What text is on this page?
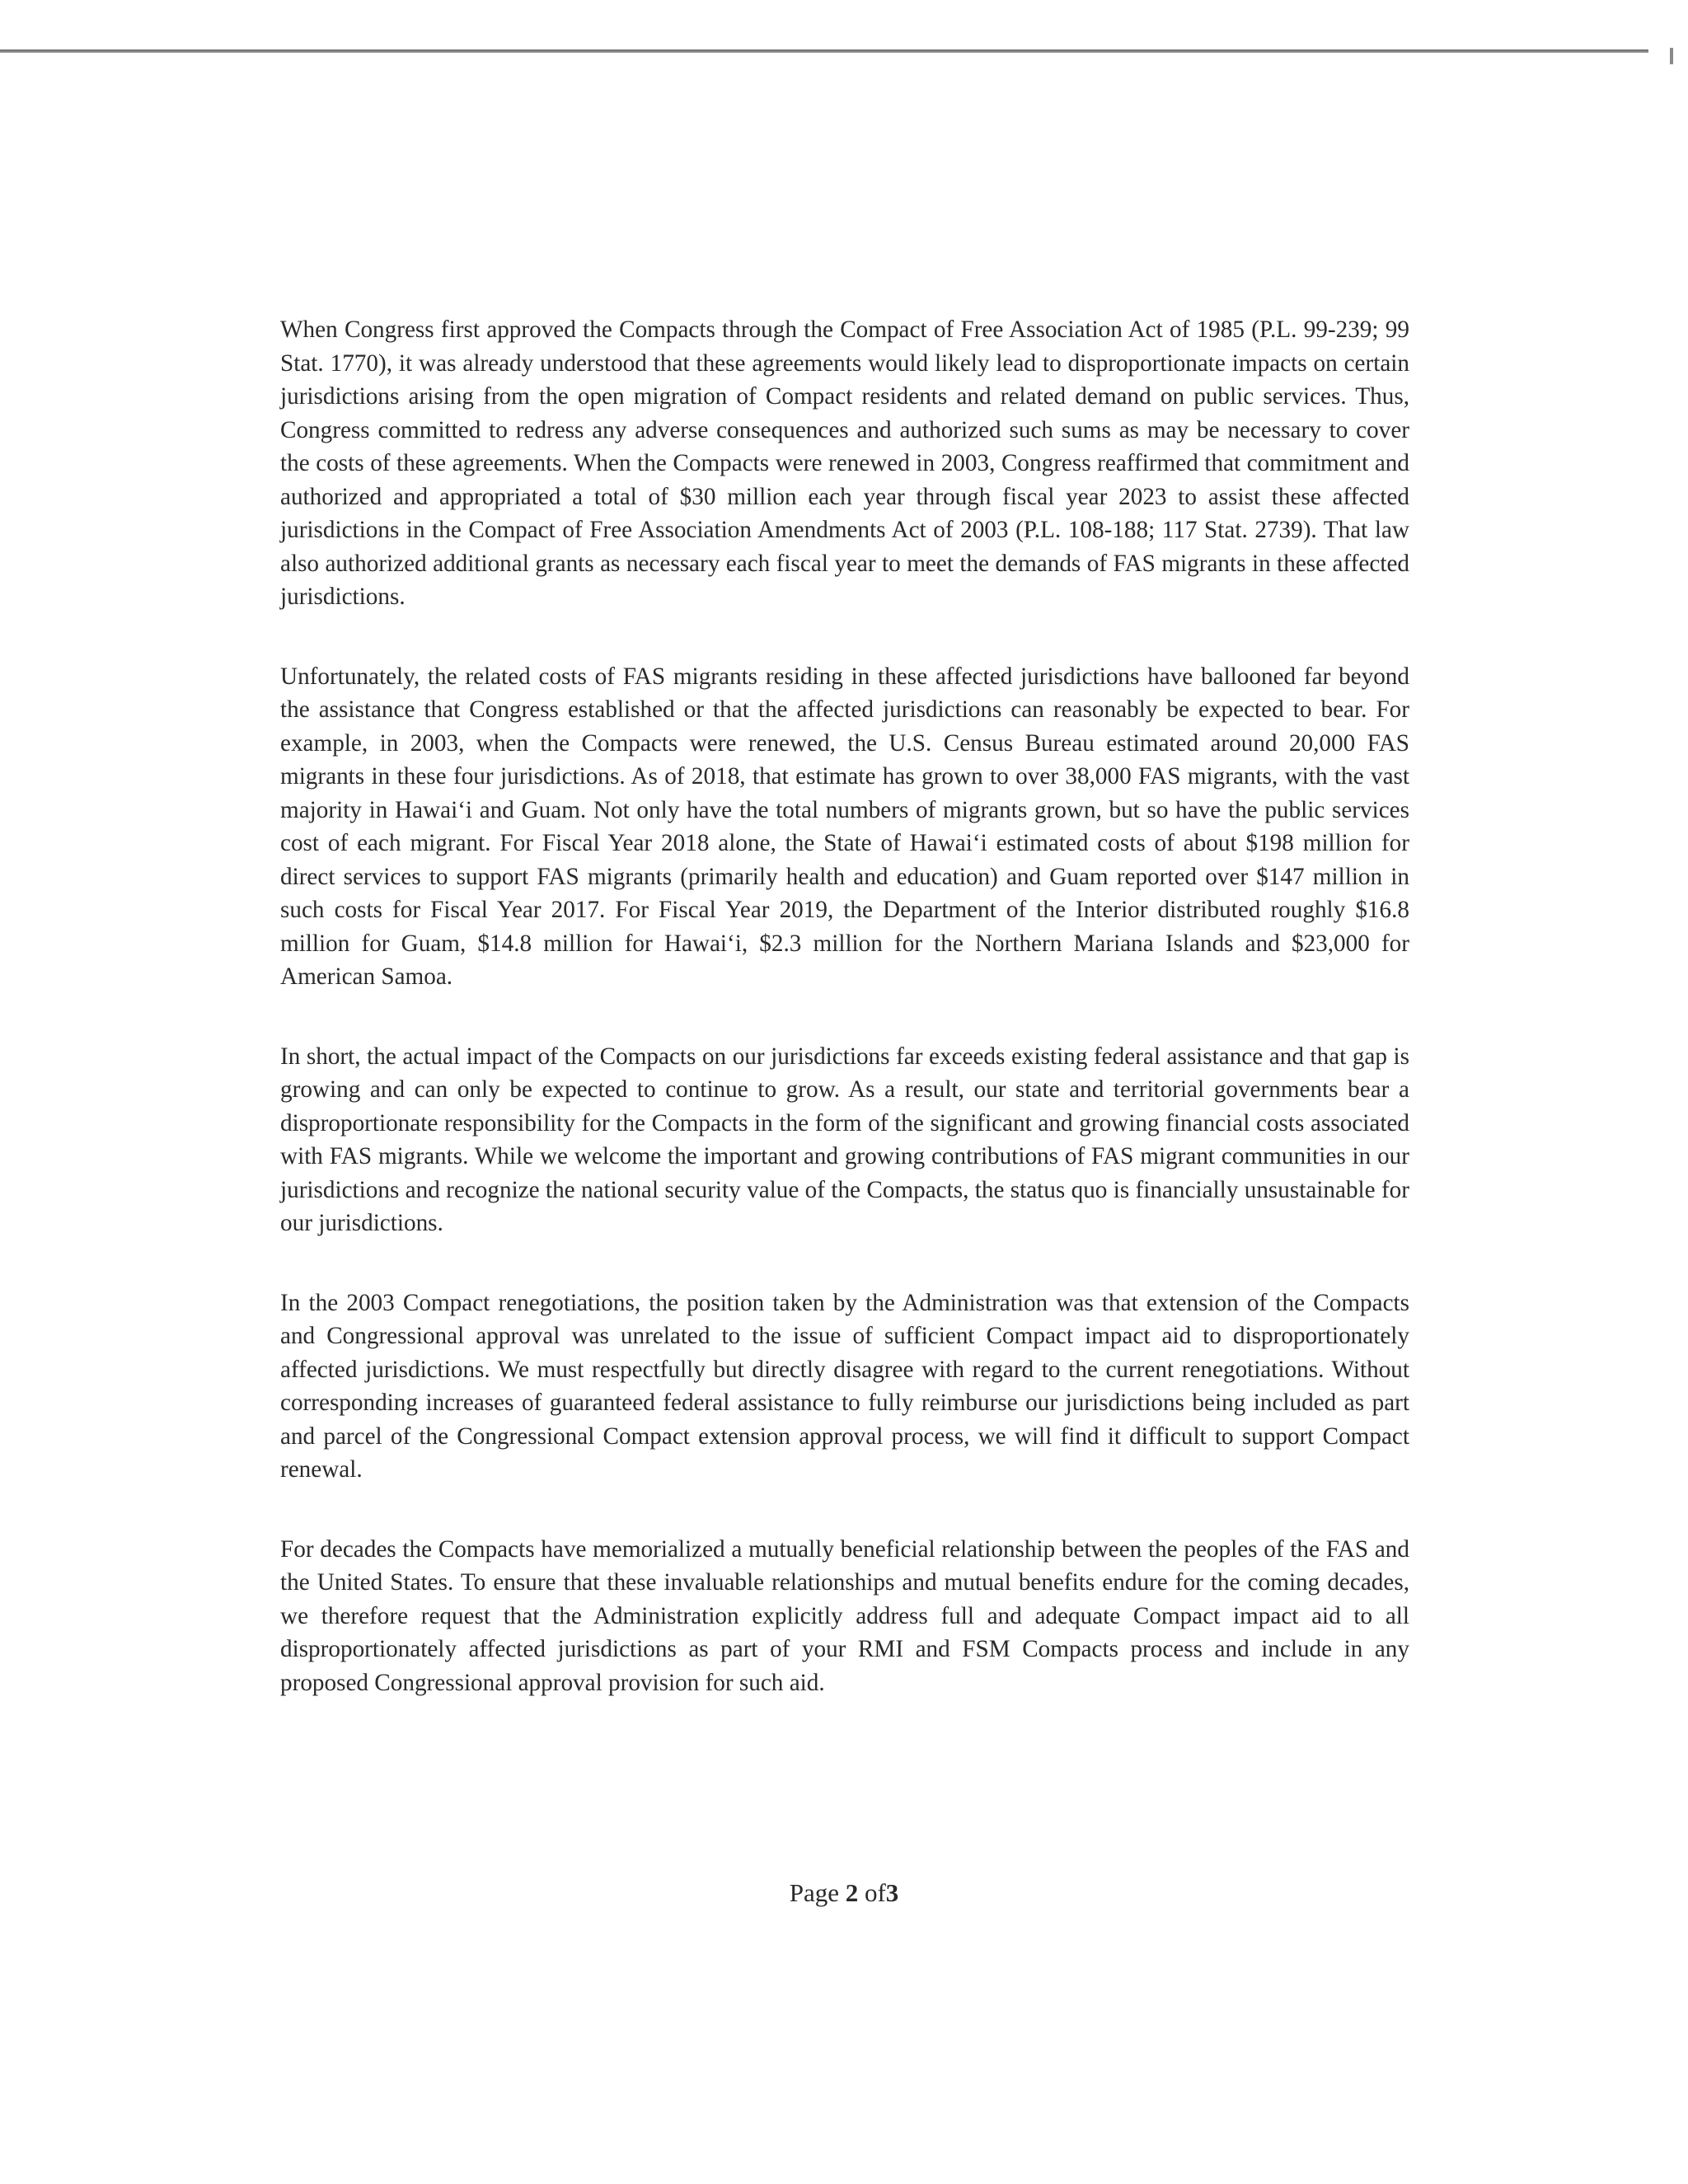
When Congress first approved the Compacts through the Compact of Free Association Act of 1985 (P.L. 99-239; 99 Stat. 1770), it was already understood that these agreements would likely lead to disproportionate impacts on certain jurisdictions arising from the open migration of Compact residents and related demand on public services. Thus, Congress committed to redress any adverse consequences and authorized such sums as may be necessary to cover the costs of these agreements. When the Compacts were renewed in 2003, Congress reaffirmed that commitment and authorized and appropriated a total of $30 million each year through fiscal year 2023 to assist these affected jurisdictions in the Compact of Free Association Amendments Act of 2003 (P.L. 108-188; 117 Stat. 2739). That law also authorized additional grants as necessary each fiscal year to meet the demands of FAS migrants in these affected jurisdictions.

Unfortunately, the related costs of FAS migrants residing in these affected jurisdictions have ballooned far beyond the assistance that Congress established or that the affected jurisdictions can reasonably be expected to bear. For example, in 2003, when the Compacts were renewed, the U.S. Census Bureau estimated around 20,000 FAS migrants in these four jurisdictions. As of 2018, that estimate has grown to over 38,000 FAS migrants, with the vast majority in Hawai‘i and Guam. Not only have the total numbers of migrants grown, but so have the public services cost of each migrant. For Fiscal Year 2018 alone, the State of Hawai‘i estimated costs of about $198 million for direct services to support FAS migrants (primarily health and education) and Guam reported over $147 million in such costs for Fiscal Year 2017. For Fiscal Year 2019, the Department of the Interior distributed roughly $16.8 million for Guam, $14.8 million for Hawai‘i, $2.3 million for the Northern Mariana Islands and $23,000 for American Samoa.

In short, the actual impact of the Compacts on our jurisdictions far exceeds existing federal assistance and that gap is growing and can only be expected to continue to grow. As a result, our state and territorial governments bear a disproportionate responsibility for the Compacts in the form of the significant and growing financial costs associated with FAS migrants. While we welcome the important and growing contributions of FAS migrant communities in our jurisdictions and recognize the national security value of the Compacts, the status quo is financially unsustainable for our jurisdictions.

In the 2003 Compact renegotiations, the position taken by the Administration was that extension of the Compacts and Congressional approval was unrelated to the issue of sufficient Compact impact aid to disproportionately affected jurisdictions. We must respectfully but directly disagree with regard to the current renegotiations. Without corresponding increases of guaranteed federal assistance to fully reimburse our jurisdictions being included as part and parcel of the Congressional Compact extension approval process, we will find it difficult to support Compact renewal.

For decades the Compacts have memorialized a mutually beneficial relationship between the peoples of the FAS and the United States. To ensure that these invaluable relationships and mutual benefits endure for the coming decades, we therefore request that the Administration explicitly address full and adequate Compact impact aid to all disproportionately affected jurisdictions as part of your RMI and FSM Compacts process and include in any proposed Congressional approval provision for such aid.

Page 2 of3
